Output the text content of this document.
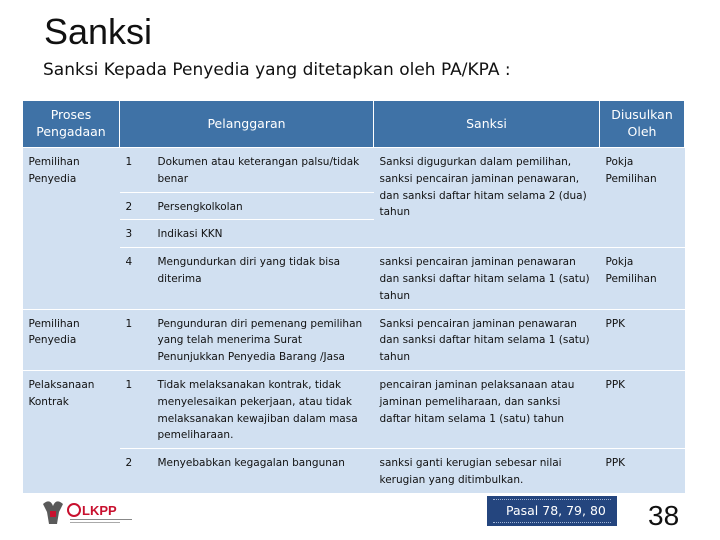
Sanksi
Sanksi Kepada Penyedia yang ditetapkan oleh PA/KPA :
Proses Pengadaan	Pelanggaran		Sanksi	Diusulkan Oleh
Pemilihan Penyedia	1	Dokumen atau keterangan palsu/tidak benar	Sanksi digugurkan dalam pemilihan, sanksi pencairan jaminan penawaran, dan sanksi daftar hitam selama 2 (dua) tahun	Pokja Pemilihan
	2	Persengkolkolan		
	3	Indikasi KKN		
	4	Mengundurkan diri yang tidak bisa diterima	sanksi pencairan jaminan penawaran dan sanksi daftar hitam selama 1 (satu) tahun	Pokja Pemilihan
Pemilihan Penyedia	1	Pengunduran diri pemenang pemilihan yang telah menerima Surat Penunjukkan Penyedia Barang /Jasa	Sanksi pencairan jaminan penawaran dan sanksi daftar hitam selama 1 (satu) tahun	PPK
Pelaksanaan Kontrak	1	Tidak melaksanakan kontrak, tidak menyelesaikan pekerjaan, atau tidak melaksanakan kewajiban dalam masa pemeliharaan.	pencairan jaminan pelaksanaan atau jaminan pemeliharaan, dan sanksi daftar hitam selama 1 (satu) tahun	PPK
	2	Menyebabkan kegagalan bangunan	sanksi ganti kerugian sebesar nilai kerugian yang ditimbulkan.	PPK
LKPP	Pasal 78, 79, 80 38
